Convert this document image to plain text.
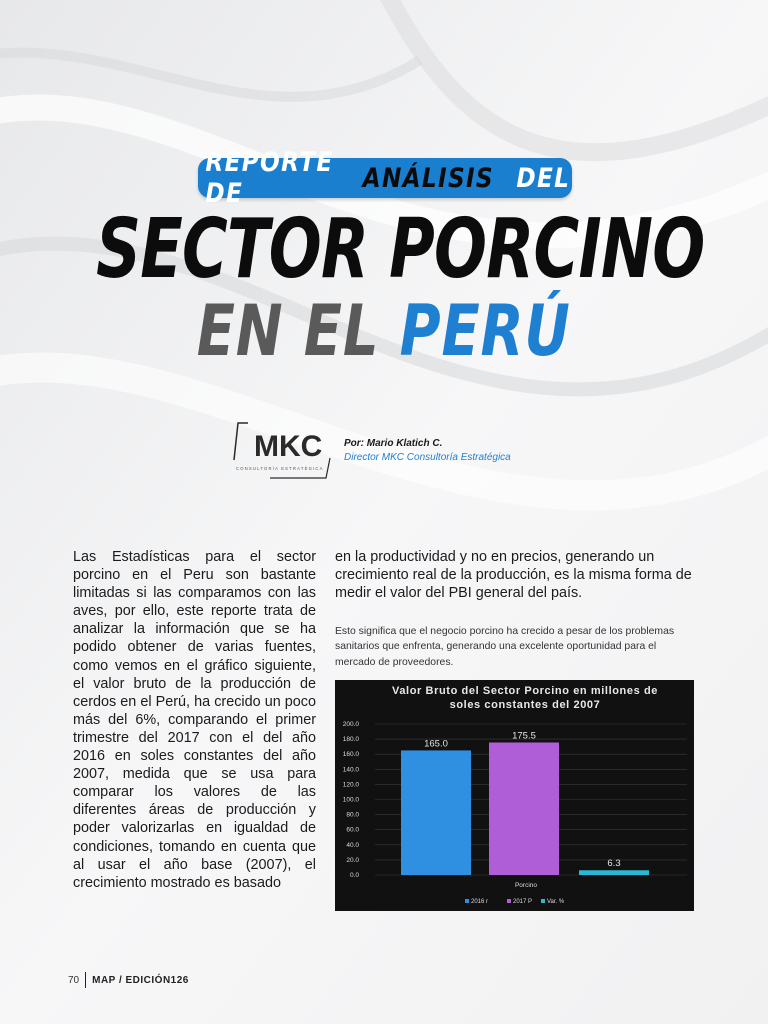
REPORTE DE	ANÁLISIS DEL
SECTOR PORCINO
EN EL PERÚ
MKC
CONSULTORÍA ESTRATÉGICA
Por: Mario Klatich C.
Director MKC Consultoría Estratégica
Las Estadísticas para el sector porcino en el Peru son bastante limitadas si las comparamos con las aves, por ello, este reporte trata de analizar la información que se ha podido obtener de varias fuentes, como vemos en el gráfico siguiente, el valor bruto de la producción de cerdos en el Perú, ha crecido un poco más del 6%, comparando el primer trimestre del 2017 con el del año 2016 en soles constantes del año 2007, medida que se usa para comparar los valores de las diferentes áreas de producción y poder valorizarlas en igualdad de condiciones, tomando en cuenta que al usar el año base (2007), el crecimiento mostrado es basado
en la productividad y no en precios, generando un crecimiento real de la producción, es la misma forma de medir el valor del PBI general del país.
Esto significa que el negocio porcino ha crecido a pesar de los problemas sanitarios que enfrenta, generando una excelente oportunidad para el mercado de proveedores.
Valor Bruto del Sector Porcino en millones de
soles constantes del 2007
0.0
20.0
40.0
60.0
80.0
100.0
120.0
140.0
160.0
180.0
200.0
165.0
175.5
6.3
Porcino
2016 r	2017 P Var. %
70 MAP / EDICIÓN126
